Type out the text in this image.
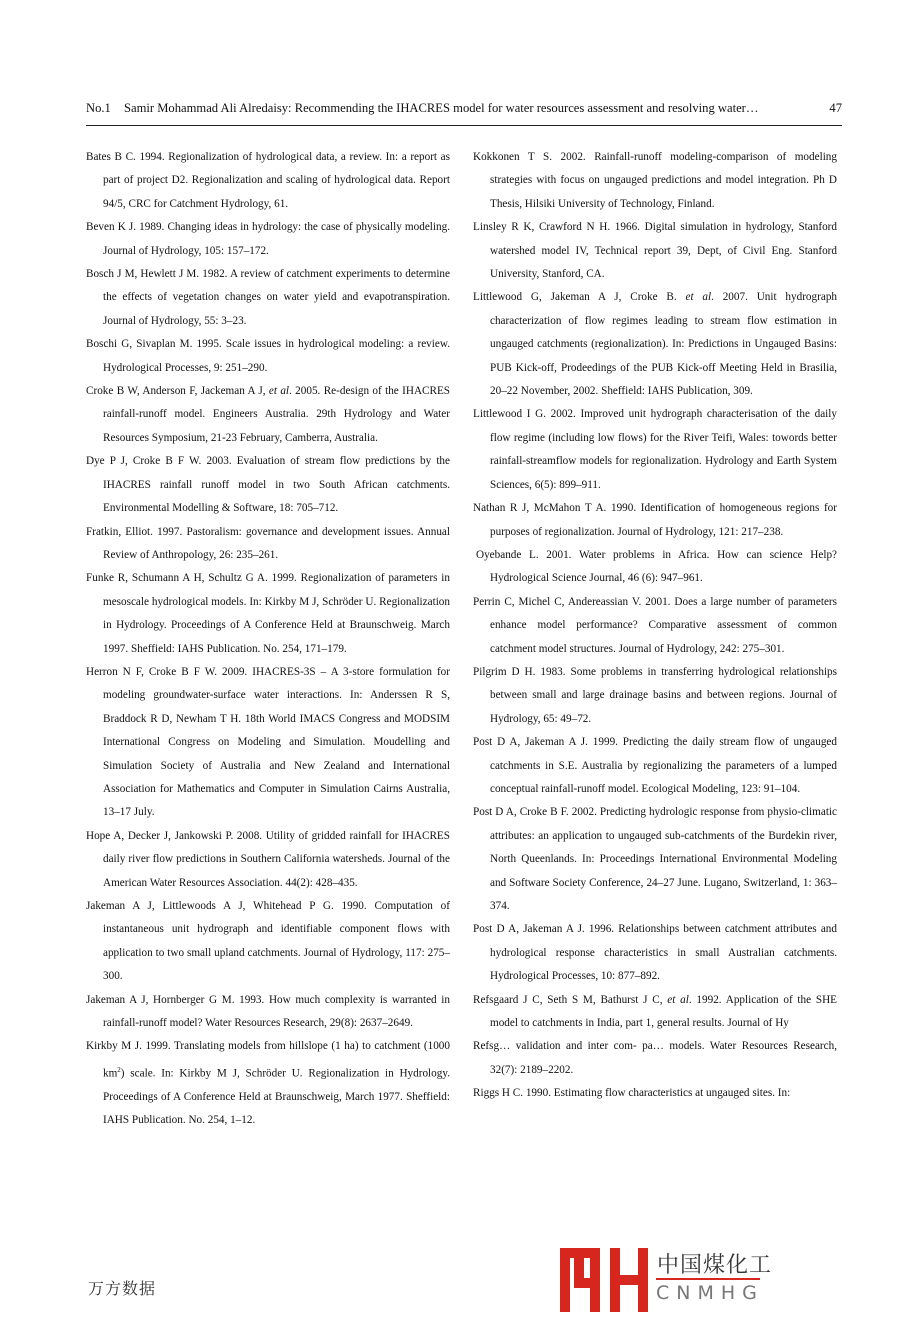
No.1	Samir Mohammad Ali Alredaisy: Recommending the IHACRES model for water resources assessment and resolving water…	47

Bates B C. 1994. Regionalization of hydrological data, a review. In: a report as part of project D2. Regionalization and scaling of hydrological data. Report 94/5, CRC for Catchment Hydrology, 61.

Beven K J. 1989. Changing ideas in hydrology: the case of physically modeling. Journal of Hydrology, 105: 157–172.

Bosch J M, Hewlett J M. 1982. A review of catchment experiments to determine the effects of vegetation changes on water yield and evapotranspiration. Journal of Hydrology, 55: 3–23.

Boschi G, Sivaplan M. 1995. Scale issues in hydrological modeling: a review. Hydrological Processes, 9: 251–290.

Croke B W, Anderson F, Jackeman A J, et al. 2005. Re-design of the IHACRES rainfall-runoff model. Engineers Australia. 29th Hydrology and Water Resources Symposium, 21-23 February, Camberra, Australia.

Dye P J, Croke B F W. 2003. Evaluation of stream flow predictions by the IHACRES rainfall runoff model in two South African catchments. Environmental Modelling & Software, 18: 705–712.

Fratkin, Elliot. 1997. Pastoralism: governance and development issues. Annual Review of Anthropology, 26: 235–261.

Funke R, Schumann A H, Schultz G A. 1999. Regionalization of parameters in mesoscale hydrological models. In: Kirkby M J, Schröder U. Regionalization in Hydrology. Proceedings of A Conference Held at Braunschweig. March 1997. Sheffield: IAHS Publication. No. 254, 171–179.

Herron N F, Croke B F W. 2009. IHACRES-3S – A 3-store formulation for modeling groundwater-surface water interactions. In: Anderssen R S, Braddock R D, Newham T H. 18th World IMACS Congress and MODSIM International Congress on Modeling and Simulation. Moudelling and Simulation Society of Australia and New Zealand and International Association for Mathematics and Computer in Simulation Cairns Australia, 13–17 July.

Hope A, Decker J, Jankowski P. 2008. Utility of gridded rainfall for IHACRES daily river flow predictions in Southern California watersheds. Journal of the American Water Resources Association. 44(2): 428–435.

Jakeman A J, Littlewoods A J, Whitehead P G. 1990. Computation of instantaneous unit hydrograph and identifiable component flows with application to two small upland catchments. Journal of Hydrology, 117: 275–300.

Jakeman A J, Hornberger G M. 1993. How much complexity is warranted in rainfall-runoff model? Water Resources Research, 29(8): 2637–2649.

Kirkby M J. 1999. Translating models from hillslope (1 ha) to catchment (1000 $km^2$) scale. In: Kirkby M J, Schröder U. Regionalization in Hydrology. Proceedings of A Conference Held at Braunschweig, March 1977. Sheffield: IAHS Publication. No. 254, 1–12.

Kokkonen T S. 2002. Rainfall-runoff modeling-comparison of modeling strategies with focus on ungauged predictions and model integration. Ph D Thesis, Hilsiki University of Technology, Finland.

Linsley R K, Crawford N H. 1966. Digital simulation in hydrology, Stanford watershed model IV, Technical report 39, Dept, of Civil Eng. Stanford University, Stanford, CA.

Littlewood G, Jakeman A J, Croke B. et al. 2007. Unit hydrograph characterization of flow regimes leading to stream flow estimation in ungauged catchments (regionalization). In: Predictions in Ungauged Basins: PUB Kick-off, Prodeedings of the PUB Kick-off Meeting Held in Brasilia, 20–22 November, 2002. Sheffield: IAHS Publication, 309.

Littlewood I G. 2002. Improved unit hydrograph characterisation of the daily flow regime (including low flows) for the River Teifi, Wales: towords better rainfall-streamflow models for regionalization. Hydrology and Earth System Sciences, 6(5): 899–911.

Nathan R J, McMahon T A. 1990. Identification of homogeneous regions for purposes of regionalization. Journal of Hydrology, 121: 217–238.

Oyebande L. 2001. Water problems in Africa. How can science Help? Hydrological Science Journal, 46 (6): 947–961.

Perrin C, Michel C, Andereassian V. 2001. Does a large number of parameters enhance model performance? Comparative assessment of common catchment model structures. Journal of Hydrology, 242: 275–301.

Pilgrim D H. 1983. Some problems in transferring hydrological relationships between small and large drainage basins and between regions. Journal of Hydrology, 65: 49–72.

Post D A, Jakeman A J. 1999. Predicting the daily stream flow of ungauged catchments in S.E. Australia by regionalizing the parameters of a lumped conceptual rainfall-runoff model. Ecological Modeling, 123: 91–104.

Post D A, Croke B F. 2002. Predicting hydrologic response from physio-climatic attributes: an application to ungauged sub-catchments of the Burdekin river, North Queenlands. In: Proceedings International Environmental Modeling and Software Society Conference, 24–27 June. Lugano, Switzerland, 1: 363–374.

Post D A, Jakeman A J. 1996. Relationships between catchment attributes and hydrological response characteristics in small Australian catchments. Hydrological Processes, 10: 877–892.

Refsgaard J C, Seth S M, Bathurst J C, et al. 1992. Application of the SHE model to catchments in India, part 1, general results. Journal of Hy

Refsg… validation and inter com- pa… models. Water Resources Research, 32(7): 2189–2202.

Riggs H C. 1990. Estimating flow characteristics at ungauged sites. In:

中国煤化工
CNMHG
万方数据
